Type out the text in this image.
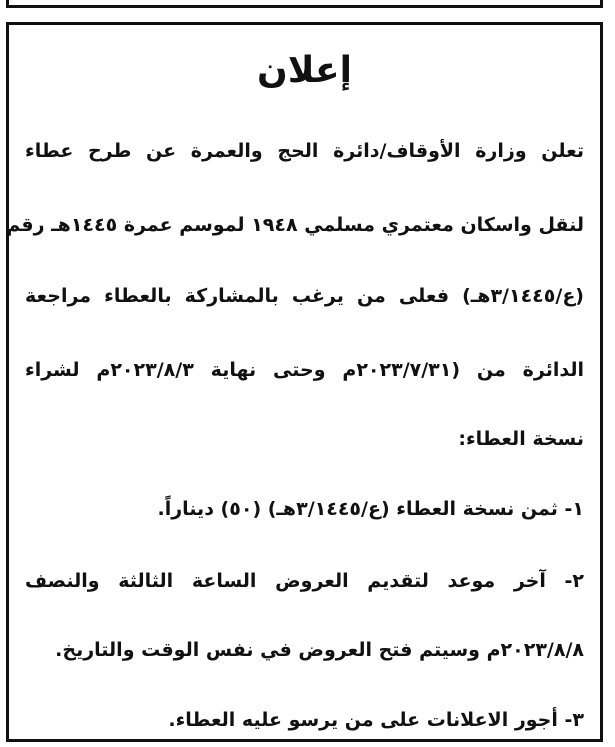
إعلان

تعلن وزارة الأوقاف/دائرة الحج والعمرة عن طرح عطاء

لنقل واسكان معتمري مسلمي ١٩٤٨ لموسم عمرة ١٤٤٥هـ رقم

(ع/٣/١٤٤٥هـ) فعلى من يرغب بالمشاركة بالعطاء مراجعة

الدائرة من (٢٠٢٣/٧/٣١م وحتى نهاية ٢٠٢٣/٨/٣م لشراء

نسخة العطاء:

١- ثمن نسخة العطاء (ع/٣/١٤٤٥هـ) (٥٠) ديناراً.

٢- آخر موعد لتقديم العروض الساعة الثالثة والنصف

٢٠٢٣/٨/٨م وسيتم فتح العروض في نفس الوقت والتاريخ.

٣- أجور الاعلانات على من يرسو عليه العطاء.
